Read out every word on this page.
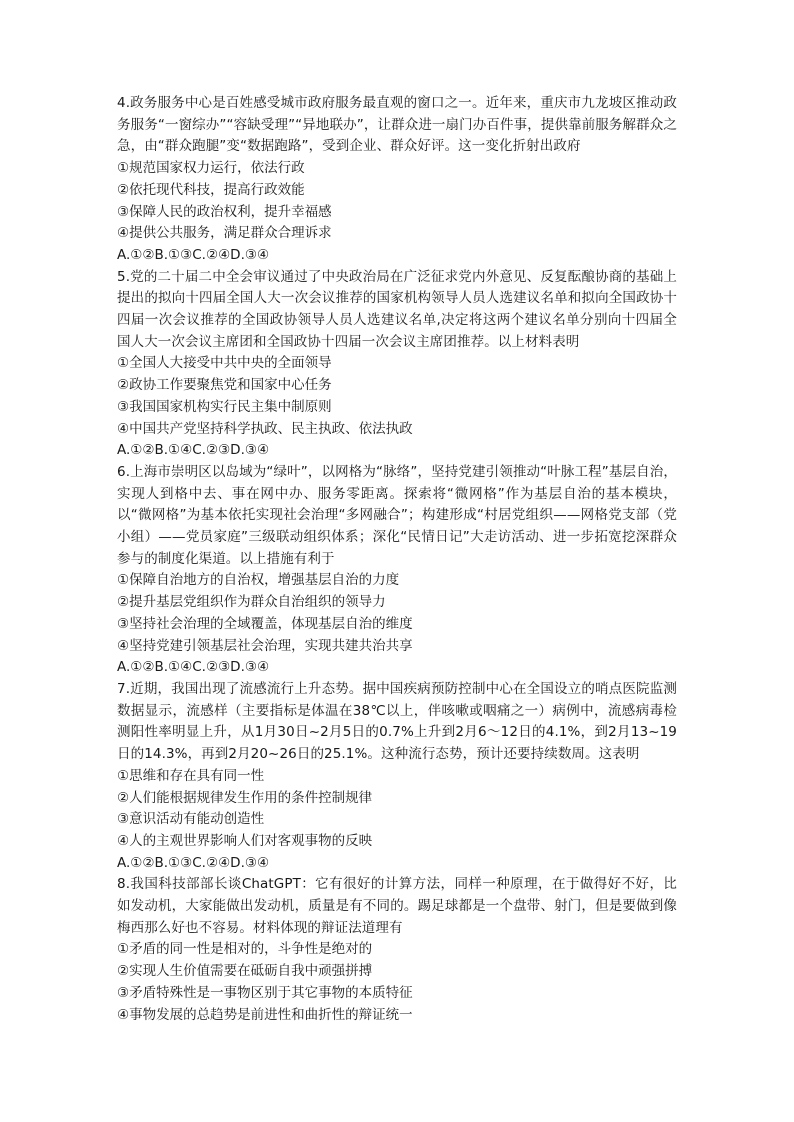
4.政务服务中心是百姓感受城市政府服务最直观的窗口之一。近年来，重庆市九龙坡区推动政务服务“一窗综办”“容缺受理”“异地联办”，让群众进一扇门办百件事，提供靠前服务解群众之急，由“群众跑腿”变“数据跑路”，受到企业、群众好评。这一变化折射出政府

①规范国家权力运行，依法行政

②依托现代科技，提高行政效能

③保障人民的政治权利，提升幸福感

④提供公共服务，满足群众合理诉求

A.①②B.①③C.②④D.③④

5.党的二十届二中全会审议通过了中央政治局在广泛征求党内外意见、反复酝酿协商的基础上提出的拟向十四届全国人大一次会议推荐的国家机构领导人员人选建议名单和拟向全国政协十四届一次会议推荐的全国政协领导人员人选建议名单,决定将这两个建议名单分别向十四届全国人大一次会议主席团和全国政协十四届一次会议主席团推荐。以上材料表明

①全国人大接受中共中央的全面领导

②政协工作要聚焦党和国家中心任务

③我国国家机构实行民主集中制原则

④中国共产党坚持科学执政、民主执政、依法执政

A.①②B.①④C.②③D.③④

6.上海市崇明区以岛域为“绿叶”，以网格为“脉络”，坚持党建引领推动“叶脉工程”基层自治，实现人到格中去、事在网中办、服务零距离。探索将“微网格”作为基层自治的基本模块，以“微网格”为基本依托实现社会治理“多网融合”；构建形成“村居党组织——网格党支部（党小组）——党员家庭”三级联动组织体系；深化“民情日记”大走访活动、进一步拓宽挖深群众参与的制度化渠道。以上措施有利于

①保障自治地方的自治权，增强基层自治的力度

②提升基层党组织作为群众自治组织的领导力

③坚持社会治理的全域覆盖，体现基层自治的维度

④坚持党建引领基层社会治理，实现共建共治共享

A.①②B.①④C.②③D.③④

7.近期，我国出现了流感流行上升态势。据中国疾病预防控制中心在全国设立的哨点医院监测数据显示，流感样（主要指标是体温在38℃以上，伴咳嗽或咽痛之一）病例中，流感病毒检测阳性率明显上升，从1月30日~2月5日的0.7%上升到2月6～12日的4.1%，到2月13~19日的14.3%，再到2月20~26日的25.1%。这种流行态势，预计还要持续数周。这表明

①思维和存在具有同一性

②人们能根据规律发生作用的条件控制规律

③意识活动有能动创造性

④人的主观世界影响人们对客观事物的反映

A.①②B.①③C.②④D.③④

8.我国科技部部长谈ChatGPT：它有很好的计算方法，同样一种原理，在于做得好不好，比如发动机，大家能做出发动机，质量是有不同的。踢足球都是一个盘带、射门，但是要做到像梅西那么好也不容易。材料体现的辩证法道理有

①矛盾的同一性是相对的，斗争性是绝对的

②实现人生价值需要在砥砺自我中顽强拼搏

③矛盾特殊性是一事物区别于其它事物的本质特征

④事物发展的总趋势是前进性和曲折性的辩证统一
